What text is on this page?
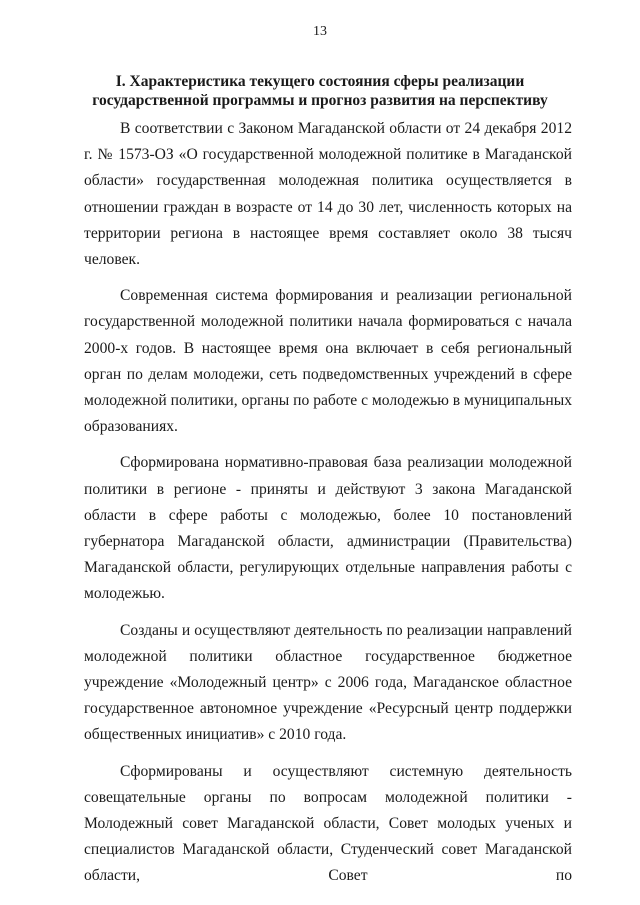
13
I. Характеристика текущего состояния сферы реализации
государственной программы и прогноз развития на перспективу

В соответствии с Законом Магаданской области от 24 декабря 2012 г. № 1573-ОЗ «О государственной молодежной политике в Магаданской области» государственная молодежная политика осуществляется в отношении граждан в возрасте от 14 до 30 лет, численность которых на территории региона в настоящее время составляет около 38 тысяч человек.

Современная система формирования и реализации региональной государственной молодежной политики начала формироваться с начала 2000-х годов. В настоящее время она включает в себя региональный орган по делам молодежи, сеть подведомственных учреждений в сфере молодежной политики, органы по работе с молодежью в муниципальных образованиях.

Сформирована нормативно-правовая база реализации молодежной политики в регионе - приняты и действуют 3 закона Магаданской области в сфере работы с молодежью, более 10 постановлений губернатора Магаданской области, администрации (Правительства) Магаданской области, регулирующих отдельные направления работы с молодежью.

Созданы и осуществляют деятельность по реализации направлений молодежной политики областное государственное бюджетное учреждение «Молодежный центр» с 2006 года, Магаданское областное государственное автономное учреждение «Ресурсный центр поддержки общественных инициатив» с 2010 года.

Сформированы и осуществляют системную деятельность совещательные органы по вопросам молодежной политики - Молодежный совет Магаданской области, Совет молодых ученых и специалистов Магаданской области, Студенческий совет Магаданской области, Совет по
